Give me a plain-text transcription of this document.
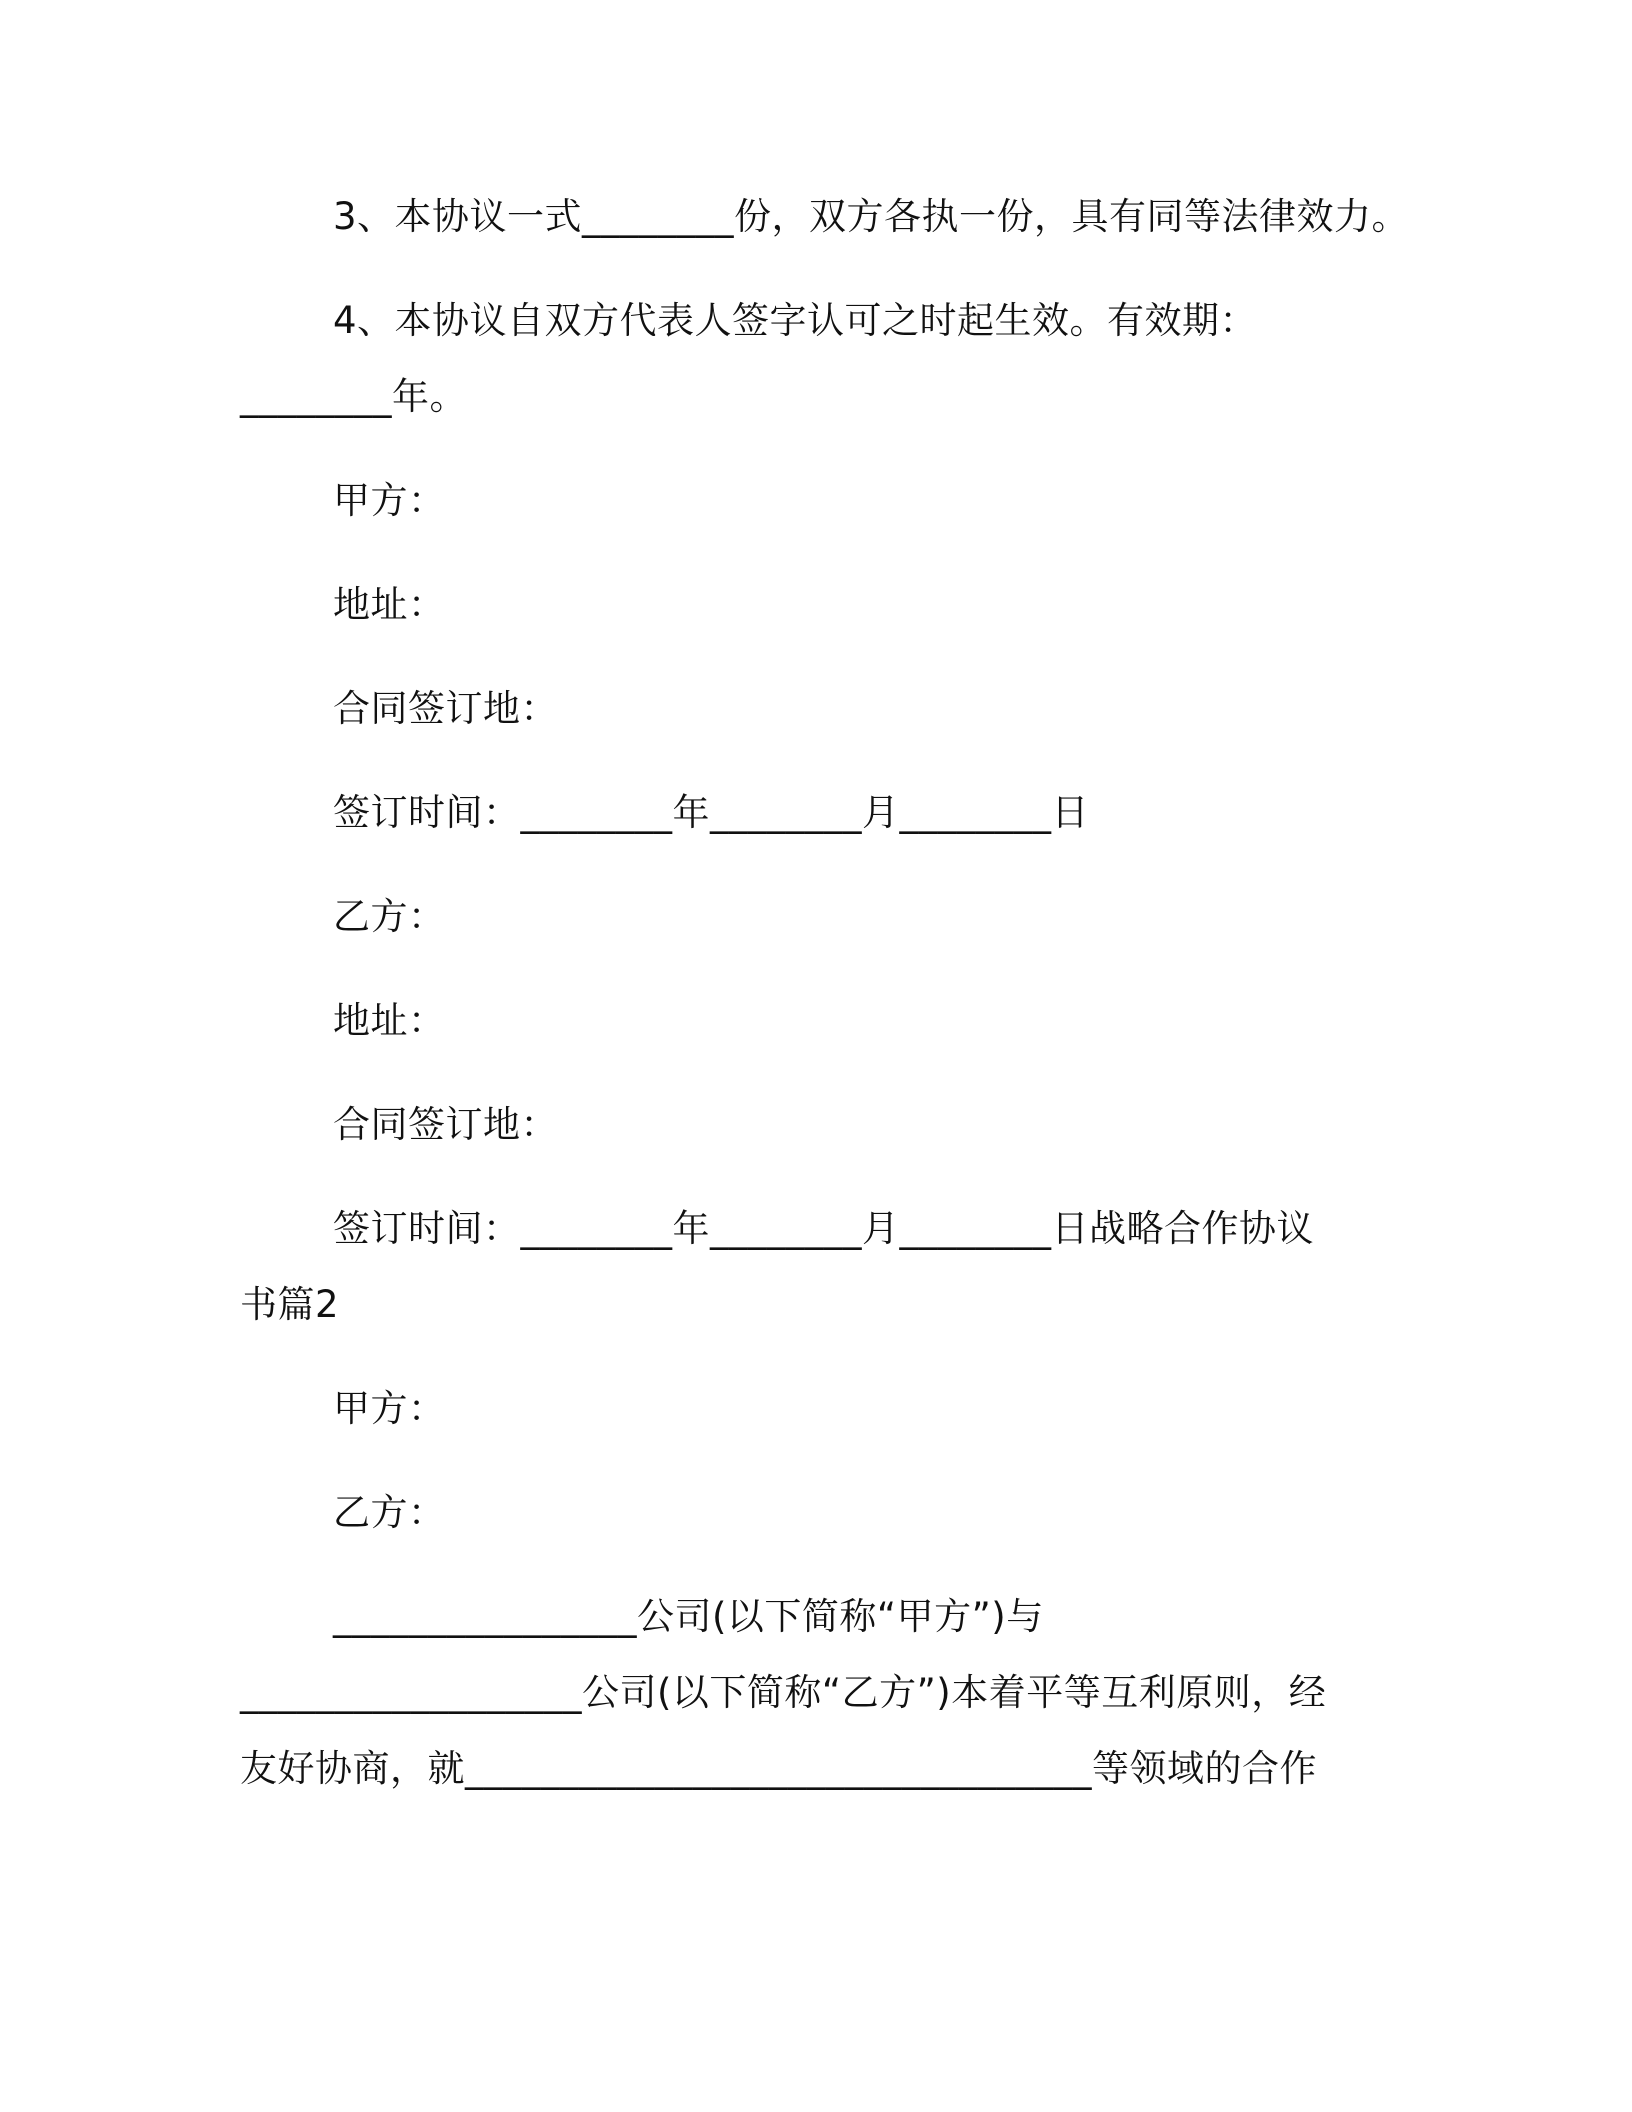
3、本协议一式________份，双方各执一份，具有同等法律效力。
4、本协议自双方代表人签字认可之时起生效。有效期：
________年。
甲方：
地址：
合同签订地：
签订时间：________年________月________日
乙方：
地址：
合同签订地：
签订时间：________年________月________日战略合作协议
书篇2
甲方：
乙方：
________________公司(以下简称“甲方”)与
__________________公司(以下简称“乙方”)本着平等互利原则，经
友好协商，就_________________________________等领域的合作
